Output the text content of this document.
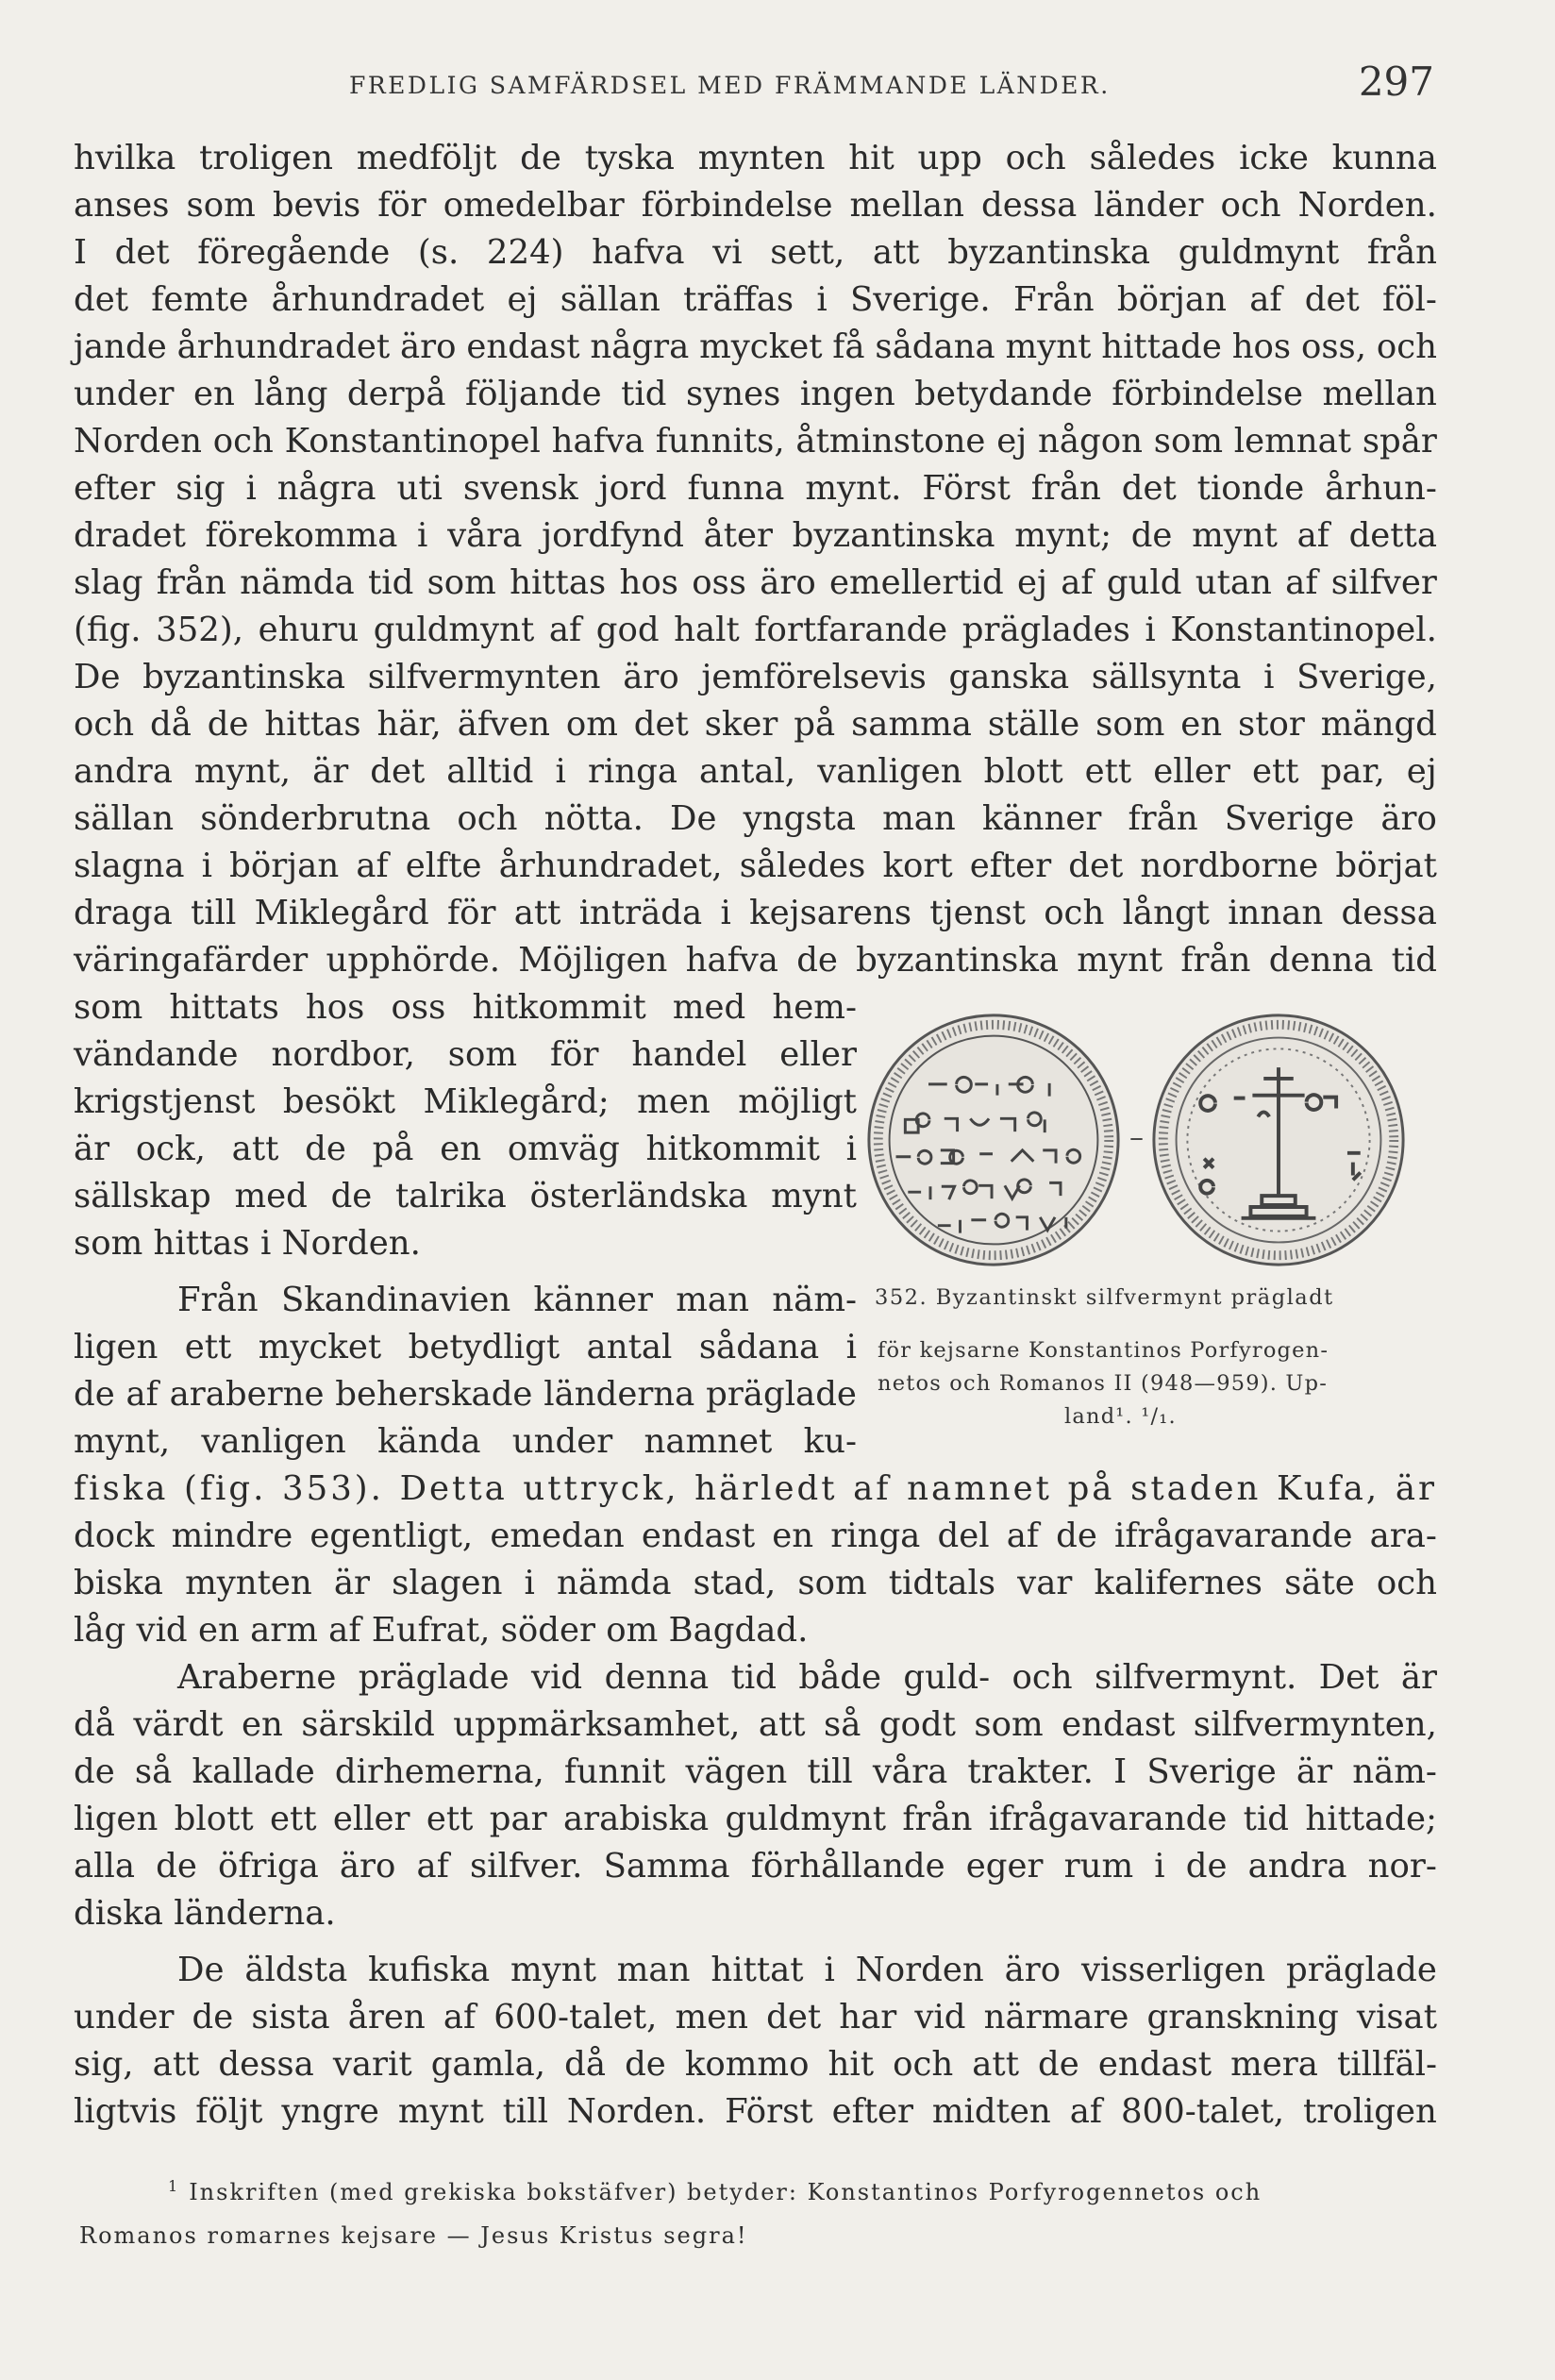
FREDLIG SAMFÄRDSEL MED FRÄMMANDE LÄNDER.	297
hvilka troligen medföljt de tyska mynten hit upp och således icke kunna
anses som bevis för omedelbar förbindelse mellan dessa länder och Norden.
I det föregående (s. 224) hafva vi sett, att byzantinska guldmynt från
det femte århundradet ej sällan träffas i Sverige. Från början af det föl-
jande århundradet äro endast några mycket få sådana mynt hittade hos oss, och
under en lång derpå följande tid synes ingen betydande förbindelse mellan
Norden och Konstantinopel hafva funnits, åtminstone ej någon som lemnat spår
efter sig i några uti svensk jord funna mynt. Först från det tionde århun-
dradet förekomma i våra jordfynd åter byzantinska mynt; de mynt af detta
slag från nämda tid som hittas hos oss äro emellertid ej af guld utan af silfver
(fig. 352), ehuru guldmynt af god halt fortfarande präglades i Konstantinopel.
De byzantinska silfvermynten äro jemförelsevis ganska sällsynta i Sverige,
och då de hittas här, äfven om det sker på samma ställe som en stor mängd
andra mynt, är det alltid i ringa antal, vanligen blott ett eller ett par, ej
sällan sönderbrutna och nötta. De yngsta man känner från Sverige äro
slagna i början af elfte århundradet, således kort efter det nordborne börjat
draga till Miklegård för att inträda i kejsarens tjenst och långt innan dessa
väringafärder upphörde. Möjligen hafva de byzantinska mynt från denna tid
som hittats hos oss hitkommit med hem-
vändande nordbor, som för handel eller
krigstjenst besökt Miklegård; men möjligt
är ock, att de på en omväg hitkommit i
sällskap med de talrika österländska mynt
som hittas i Norden.
Från Skandinavien känner man näm-
ligen ett mycket betydligt antal sådana i
de af araberne beherskade länderna präglade
mynt, vanligen kända under namnet ku-
fiska (fig. 353). Detta uttryck, härledt af namnet på staden Kufa, är
dock mindre egentligt, emedan endast en ringa del af de ifrågavarande ara-
biska mynten är slagen i nämda stad, som tidtals var kalifernes säte och
låg vid en arm af Eufrat, söder om Bagdad.
Araberne präglade vid denna tid både guld- och silfvermynt. Det är
då värdt en särskild uppmärksamhet, att så godt som endast silfvermynten,
de så kallade dirhemerna, funnit vägen till våra trakter. I Sverige är näm-
ligen blott ett eller ett par arabiska guldmynt från ifrågavarande tid hittade;
alla de öfriga äro af silfver. Samma förhållande eger rum i de andra nor-
diska länderna.
De äldsta kufiska mynt man hittat i Norden äro visserligen präglade
under de sista åren af 600-talet, men det har vid närmare granskning visat
sig, att dessa varit gamla, då de kommo hit och att de endast mera tillfäl-
ligtvis följt yngre mynt till Norden. Först efter midten af 800-talet, troligen
–
352. Byzantinskt silfvermynt prägladt
för kejsarne Konstantinos Porfyrogen-
netos och Romanos II (948—959). Up-
land¹. ¹/₁.
$^1$ Inskriften (med grekiska bokstäfver) betyder: Konstantinos Porfyrogennetos och
Romanos romarnes kejsare — Jesus Kristus segra!
